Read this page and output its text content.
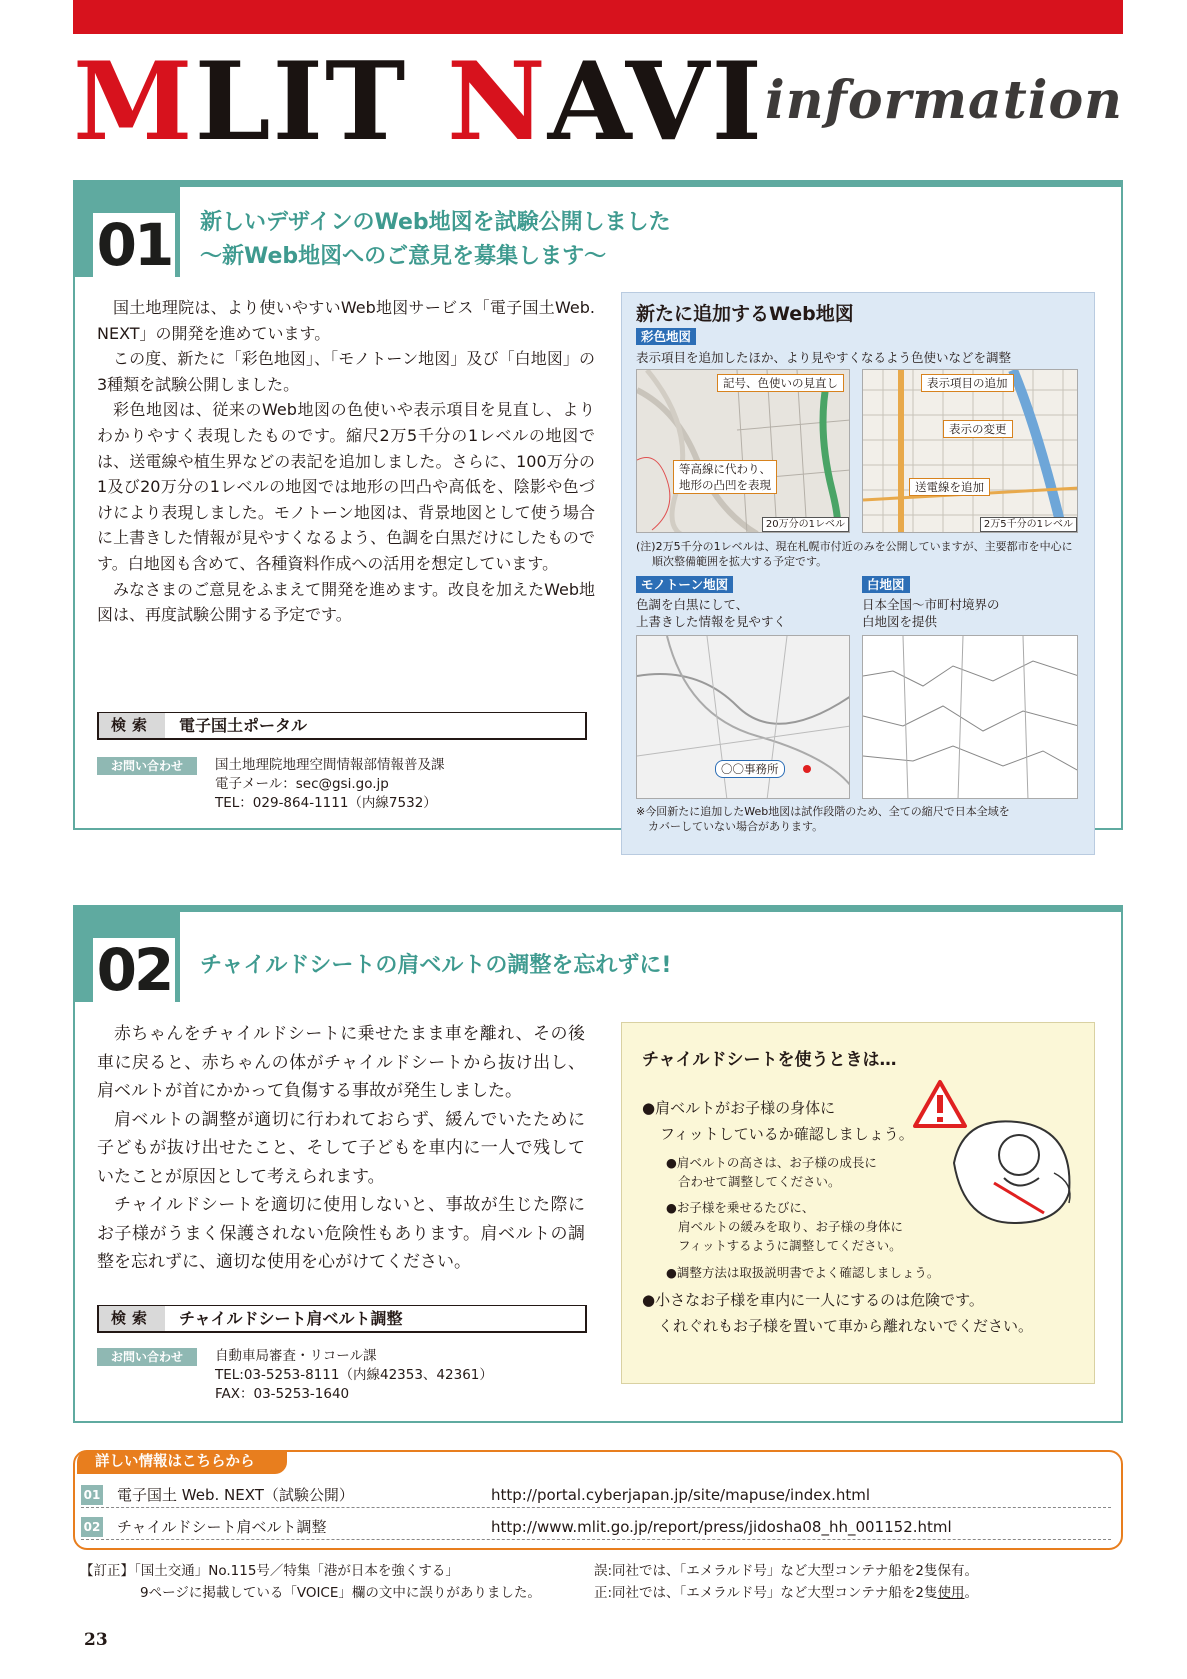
MLIT NAVI information
01 新しいデザインのWeb地図を試験公開しました
～新Web地図へのご意見を募集します～

国土地理院は、より使いやすいWeb地図サービス「電子国土Web. NEXT」の開発を進めています。

この度、新たに「彩色地図」、「モノトーン地図」及び「白地図」の3種類を試験公開しました。

彩色地図は、従来のWeb地図の色使いや表示項目を見直し、よりわかりやすく表現したものです。縮尺2万5千分の1レベルの地図では、送電線や植生界などの表記を追加しました。さらに、100万分の1及び20万分の1レベルの地図では地形の凹凸や高低を、陰影や色づけにより表現しました。モノトーン地図は、背景地図として使う場合に上書きした情報が見やすくなるよう、色調を白黒だけにしたものです。白地図も含めて、各種資料作成への活用を想定しています。

みなさまのご意見をふまえて開発を進めます。改良を加えたWeb地図は、再度試験公開する予定です。

検索	電子国土ポータル
お問い合わせ	国土地理院地理空間情報部情報普及課
電子メール：sec@gsi.go.jp
TEL：029-864-1111（内線7532）
新たに追加するWeb地図
彩色地図
表示項目を追加したほか、より見やすくなるよう色使いなどを調整
記号、色使いの見直し
等高線に代わり、
地形の凸凹を表現
20万分の1レベル
表示項目の追加
表示の変更
送電線を追加
2万5千分の1レベル
(注)2万5千分の1レベルは、現在札幌市付近のみを公開していますが、主要都市を中心に
順次整備範囲を拡大する予定です。
モノトーン地図
色調を白黒にして、
上書きした情報を見やすく
〇〇事務所
白地図
日本全国～市町村境界の
白地図を提供
※今回新たに追加したWeb地図は試作段階のため、全ての縮尺で日本全域を
カバーしていない場合があります。
02 チャイルドシートの肩ベルトの調整を忘れずに!

赤ちゃんをチャイルドシートに乗せたまま車を離れ、その後車に戻ると、赤ちゃんの体がチャイルドシートから抜け出し、肩ベルトが首にかかって負傷する事故が発生しました。

肩ベルトの調整が適切に行われておらず、緩んでいたために子どもが抜け出せたこと、そして子どもを車内に一人で残していたことが原因として考えられます。

チャイルドシートを適切に使用しないと、事故が生じた際にお子様がうまく保護されない危険性もあります。肩ベルトの調整を忘れずに、適切な使用を心がけてください。

検索	チャイルドシート肩ベルト調整
お問い合わせ	自動車局審査・リコール課
TEL:03-5253-8111（内線42353、42361）
FAX：03-5253-1640
チャイルドシートを使うときは…
●肩ベルトがお子様の身体に
フィットしているか確認しましょう。
●肩ベルトの高さは、お子様の成長に
合わせて調整してください。
●お子様を乗せるたびに、
肩ベルトの緩みを取り、お子様の身体に
フィットするように調整してください。
●調整方法は取扱説明書でよく確認しましょう。
●小さなお子様を車内に一人にするのは危険です。
くれぐれもお子様を置いて車から離れないでください。
詳しい情報はこちらから
01 電子国土 Web. NEXT（試験公開）	http://portal.cyberjapan.jp/site/mapuse/index.html
02 チャイルドシート肩ベルト調整	http://www.mlit.go.jp/report/press/jidosha08_hh_001152.html
【訂正】「国土交通」No.115号／特集「港が日本を強くする」
9ページに掲載している「VOICE」欄の文中に誤りがありました。
誤:同社では、「エメラルド号」など大型コンテナ船を2隻保有。
正:同社では、「エメラルド号」など大型コンテナ船を2隻使用。
23
